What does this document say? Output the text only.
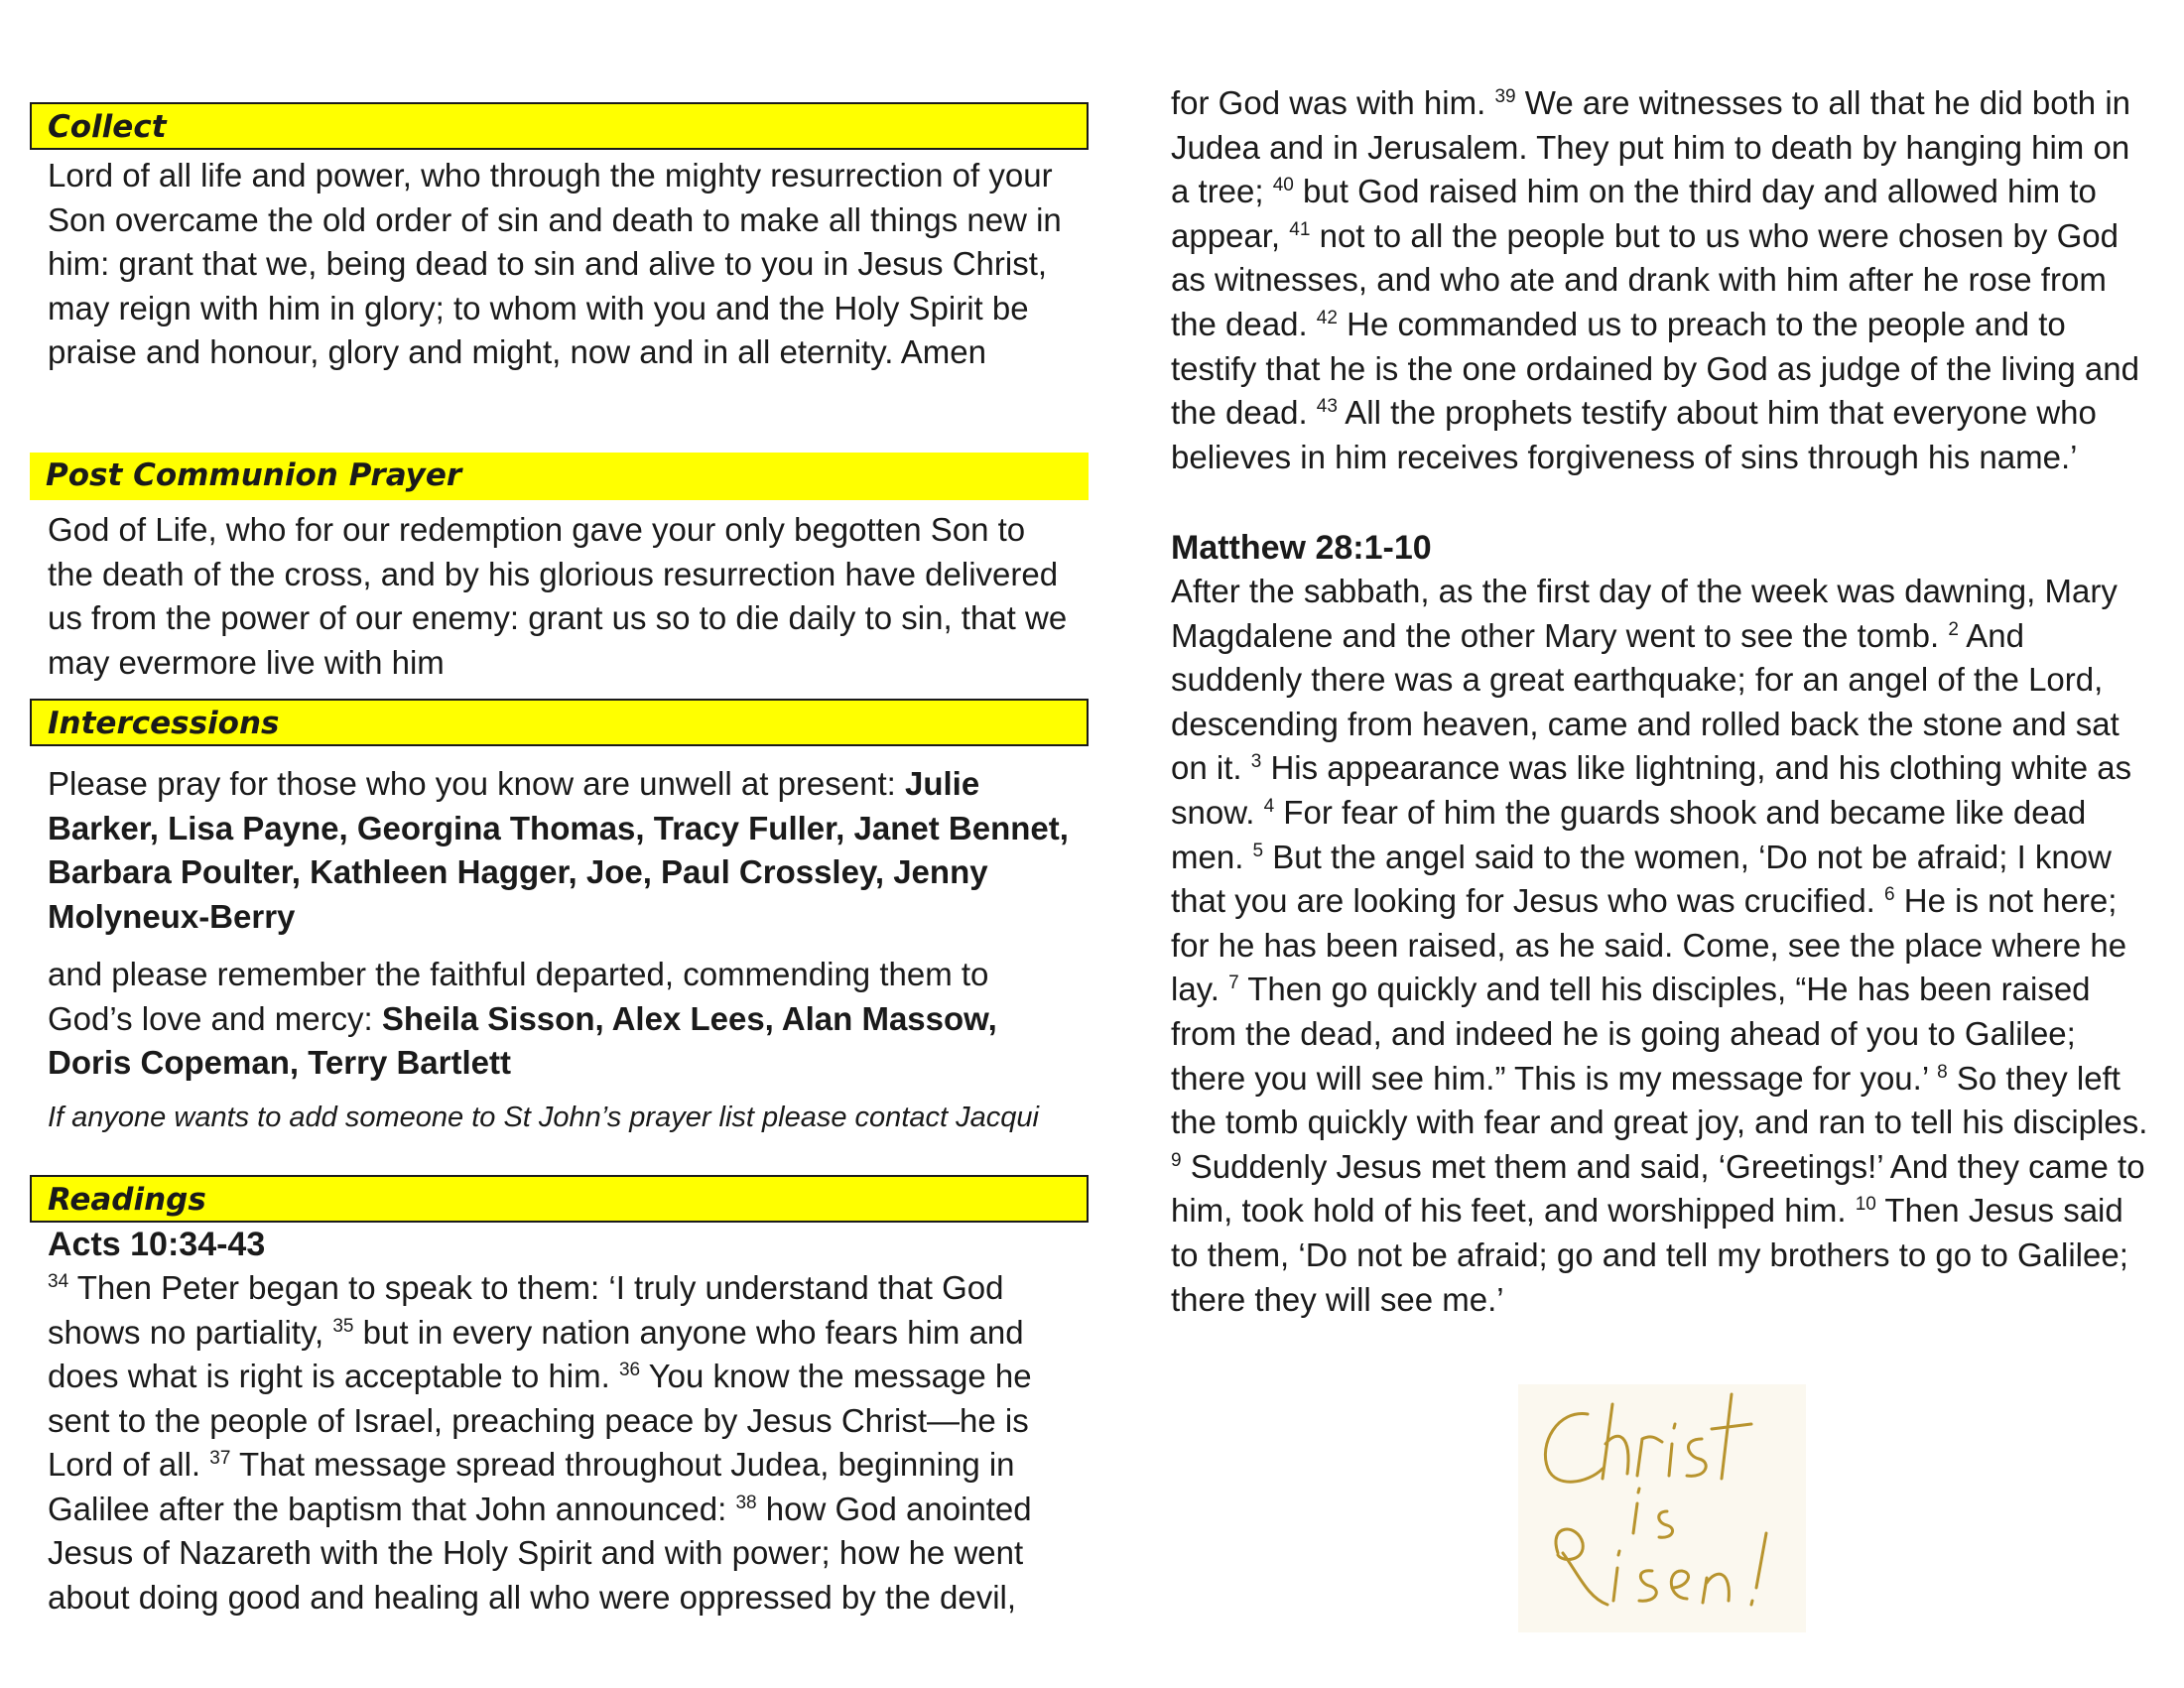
Collect

Lord of all life and power, who through the mighty resurrection of your Son overcame the old order of sin and death to make all things new in him: grant that we, being dead to sin and alive to you in Jesus Christ, may reign with him in glory; to whom with you and the Holy Spirit be praise and honour, glory and might, now and in all eternity. Amen

Post Communion Prayer

God of Life, who for our redemption gave your only begotten Son to the death of the cross, and by his glorious resurrection have delivered us from the power of our enemy: grant us so to die daily to sin, that we may evermore live with him

Intercessions

Please pray for those who you know are unwell at present: Julie Barker, Lisa Payne, Georgina Thomas, Tracy Fuller, Janet Bennet, Barbara Poulter, Kathleen Hagger, Joe, Paul Crossley, Jenny Molyneux-Berry

and please remember the faithful departed, commending them to God’s love and mercy: Sheila Sisson, Alex Lees, Alan Massow, Doris Copeman, Terry Bartlett

If anyone wants to add someone to St John’s prayer list please contact Jacqui

Readings
Acts 10:34-43

$^{34}$ Then Peter began to speak to them: ‘I truly understand that God shows no partiality, $^{35}$ but in every nation anyone who fears him and does what is right is acceptable to him. $^{36}$ You know the message he sent to the people of Israel, preaching peace by Jesus Christ—he is Lord of all. $^{37}$ That message spread throughout Judea, beginning in Galilee after the baptism that John announced: $^{38}$ how God anointed Jesus of Nazareth with the Holy Spirit and with power; how he went about doing good and healing all who were oppressed by the devil,

for God was with him. $^{39}$ We are witnesses to all that he did both in Judea and in Jerusalem. They put him to death by hanging him on a tree; $^{40}$ but God raised him on the third day and allowed him to appear, $^{41}$ not to all the people but to us who were chosen by God as witnesses, and who ate and drank with him after he rose from the dead. $^{42}$ He commanded us to preach to the people and to testify that he is the one ordained by God as judge of the living and the dead. $^{43}$ All the prophets testify about him that everyone who believes in him receives forgiveness of sins through his name.’

Matthew 28:1-10

After the sabbath, as the first day of the week was dawning, Mary Magdalene and the other Mary went to see the tomb. $^2$ And suddenly there was a great earthquake; for an angel of the Lord, descending from heaven, came and rolled back the stone and sat on it. $^3$ His appearance was like lightning, and his clothing white as snow. $^4$ For fear of him the guards shook and became like dead men. $^5$ But the angel said to the women, ‘Do not be afraid; I know that you are looking for Jesus who was crucified. $^6$ He is not here; for he has been raised, as he said. Come, see the place where he lay. $^7$ Then go quickly and tell his disciples, “He has been raised from the dead, and indeed he is going ahead of you to Galilee; there you will see him.” This is my message for you.’ $^8$ So they left the tomb quickly with fear and great joy, and ran to tell his disciples. $^9$ Suddenly Jesus met them and said, ‘Greetings!’ And they came to him, took hold of his feet, and worshipped him. $^{10}$ Then Jesus said to them, ‘Do not be afraid; go and tell my brothers to go to Galilee; there they will see me.’
